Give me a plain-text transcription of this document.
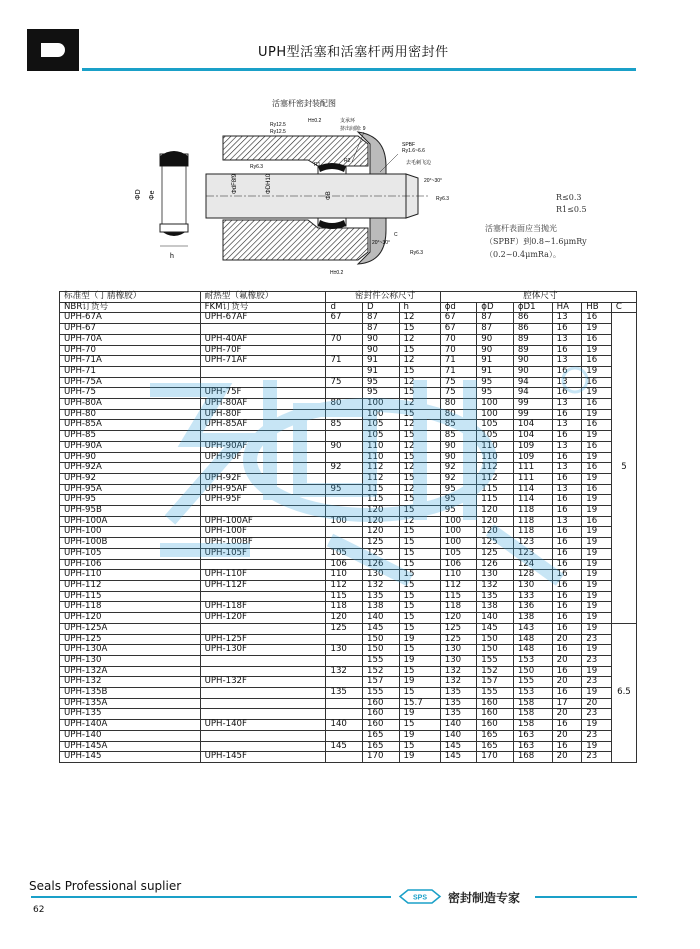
UPH型活塞和活塞杆两用密封件
活塞杆密封装配图
ΦD Φe
h
ΦdF8f9	ΦDH10
ΦB
C
H±0.2
R1
R2
Ry12.5
Ry12.5
H±0.2	支承环
挤出间隙: 9
SPBF
Ry1.6~6.6
去毛刺飞边
Ry6.3
Ry6.3
Ry6.3
20°~30°
20°~30°
R≤0.3
R1≤0.5
活塞杆表面应当抛光
（SPBF）到0.8~1.6μmRy
（0.2~0.4μmRa）。
标准型（丁腈橡胶）	耐热型（氟橡胶）	密封件公称尺寸			腔体尺寸					
NBR订货号	FKM订货号	d	D	h	ϕd	ϕD	ϕD1	HA	HB	C
UPH-67A	UPH-67AF	67	87	12	67	87	86	13	16	5
UPH-67			87	15	67	87	86	16	19	
UPH-70A	UPH-40AF	70	90	12	70	90	89	13	16	
UPH-70	UPH-70F		90	15	70	90	89	16	19	
UPH-71A	UPH-71AF	71	91	12	71	91	90	13	16	
UPH-71			91	15	71	91	90	16	19	
UPH-75A		75	95	12	75	95	94	13	16	
UPH-75	UPH-75F		95	15	75	95	94	16	19	
UPH-80A	UPH-80AF	80	100	12	80	100	99	13	16	
UPH-80	UPH-80F		100	15	80	100	99	16	19	
UPH-85A	UPH-85AF	85	105	12	85	105	104	13	16	
UPH-85			105	15	85	105	104	16	19	
UPH-90A	UPH-90AF	90	110	12	90	110	109	13	16	
UPH-90	UPH-90F		110	15	90	110	109	16	19	
UPH-92A		92	112	12	92	112	111	13	16	
UPH-92	UPH-92F		112	15	92	112	111	16	19	
UPH-95A	UPH-95AF	95	115	12	95	115	114	13	16	
UPH-95	UPH-95F		115	15	95	115	114	16	19	
UPH-95B			120	15	95	120	118	16	19	
UPH-100A	UPH-100AF	100	120	12	100	120	118	13	16	
UPH-100	UPH-100F		120	15	100	120	118	16	19	
UPH-100B	UPH-100BF		125	15	100	125	123	16	19	
UPH-105	UPH-105F	105	125	15	105	125	123	16	19	
UPH-106		106	126	15	106	126	124	16	19	
UPH-110	UPH-110F	110	130	15	110	130	128	16	19	
UPH-112	UPH-112F	112	132	15	112	132	130	16	19	
UPH-115		115	135	15	115	135	133	16	19	
UPH-118	UPH-118F	118	138	15	118	138	136	16	19	
UPH-120	UPH-120F	120	140	15	120	140	138	16	19	
UPH-125A		125	145	15	125	145	143	16	19	6.5
UPH-125	UPH-125F		150	19	125	150	148	20	23	
UPH-130A	UPH-130F	130	150	15	130	150	148	16	19	
UPH-130			155	19	130	155	153	20	23	
UPH-132A		132	152	15	132	152	150	16	19	
UPH-132	UPH-132F		157	19	132	157	155	20	23	
UPH-135B		135	155	15	135	155	153	16	19	
UPH-135A			160	15.7	135	160	158	17	20	
UPH-135			160	19	135	160	158	20	23	
UPH-140A	UPH-140F	140	160	15	140	160	158	16	19	
UPH-140			165	19	140	165	163	20	23	
UPH-145A		145	165	15	145	165	163	16	19	
UPH-145	UPH-145F		170	19	145	170	168	20	23	
Seals Professional suplier
SPS 密封制造专家
62
